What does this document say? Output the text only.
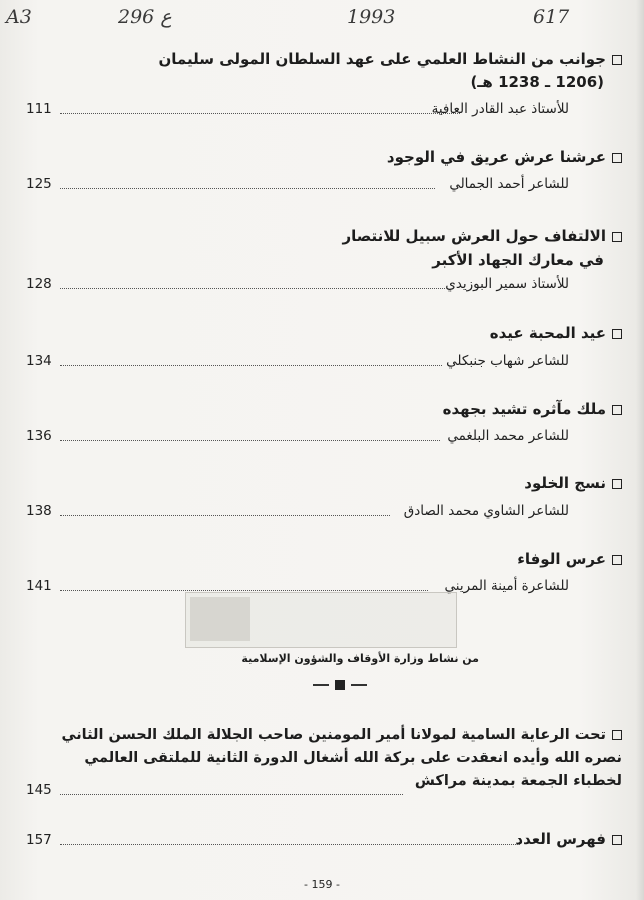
A3	296 ع	1993	617
جوانب من النشاط العلمي على عهد السلطان المولى سليمان
(1206 ـ 1238 هـ)
111	للأستاذ عبد القادر العافية
عرشنا عرش عريق في الوجود
125	للشاعر أحمد الجمالي
الالتفاف حول العرش سبيل للانتصار
في معارك الجهاد الأكبر
128	للأستاذ سمير البوزيدي
عيد المحبة عيده
134	للشاعر شهاب جنبكلي
ملك مآثره تشيد بجهده
136	للشاعر محمد البلغمي
نسج الخلود
138	للشاعر الشاوي محمد الصادق
عرس الوفاء
141	للشاعرة أمينة المريني
من نشاط وزارة الأوقاف والشؤون الإسلامية
تحت الرعاية السامية لمولانا أمير المومنين صاحب الجلالة الملك الحسن الثاني
نصره الله وأيده انعقدت على بركة الله أشغال الدورة الثانية للملتقى العالمي
لخطباء الجمعة بمدينة مراكش
145
فهرس العدد
157
- 159 -
